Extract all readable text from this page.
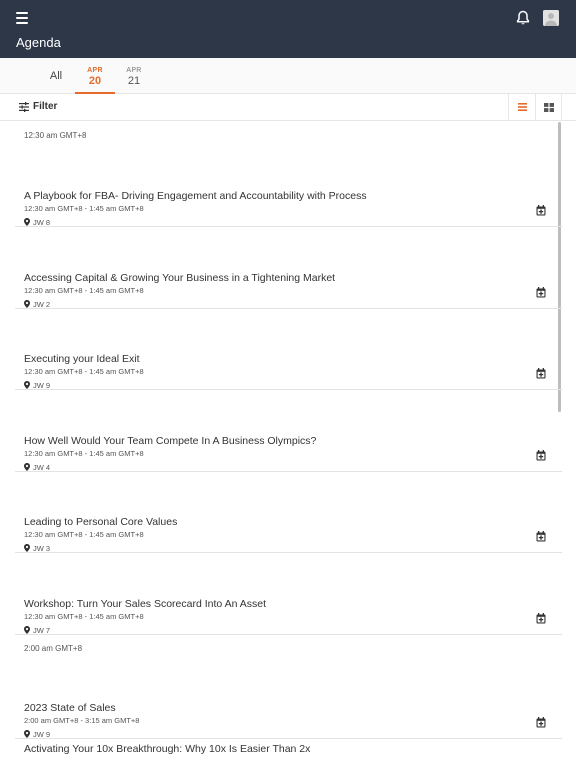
Agenda
All	APR
20
APR
21
Filter
12:30 am GMT+8
A Playbook for FBA- Driving Engagement and Accountability with Process
12:30 am GMT+8 - 1:45 am GMT+8
JW 8
Accessing Capital & Growing Your Business in a Tightening Market
12:30 am GMT+8 - 1:45 am GMT+8
JW 2
Executing your Ideal Exit
12:30 am GMT+8 - 1:45 am GMT+8
JW 9
How Well Would Your Team Compete In A Business Olympics?
12:30 am GMT+8 - 1:45 am GMT+8
JW 4
Leading to Personal Core Values
12:30 am GMT+8 - 1:45 am GMT+8
JW 3
Workshop: Turn Your Sales Scorecard Into An Asset
12:30 am GMT+8 - 1:45 am GMT+8
JW 7
2:00 am GMT+8
2023 State of Sales
2:00 am GMT+8 - 3:15 am GMT+8
JW 9
Activating Your 10x Breakthrough: Why 10x Is Easier Than 2x
